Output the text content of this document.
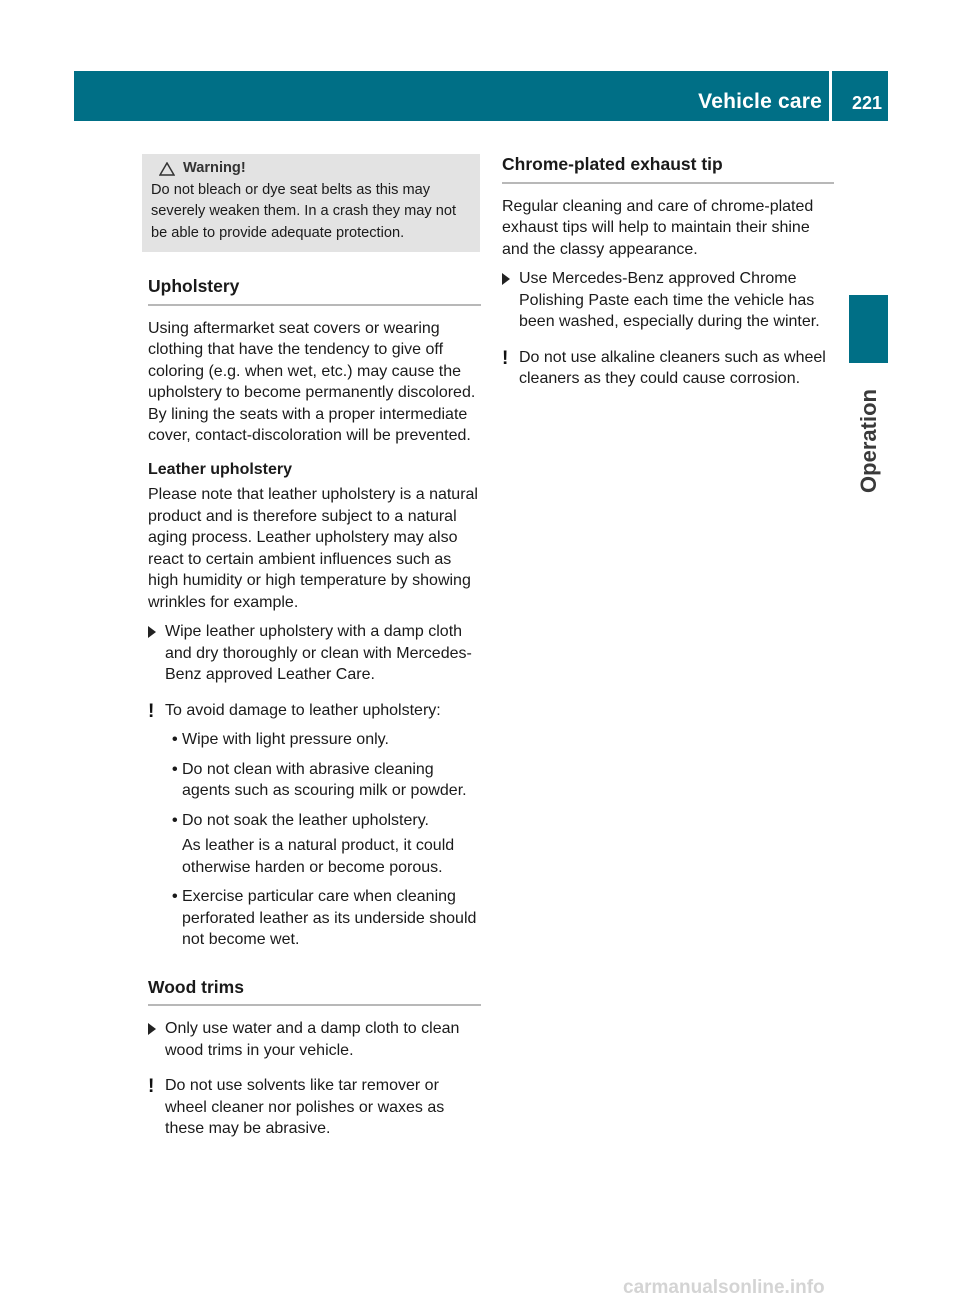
Vehicle care 221
Operation
Warning!

Do not bleach or dye seat belts as this may severely weaken them. In a crash they may not be able to provide adequate protection.

Upholstery

Using aftermarket seat covers or wearing clothing that have the tendency to give off coloring (e.g. when wet, etc.) may cause the upholstery to become permanently discolored. By lining the seats with a proper intermediate cover, contact-discoloration will be prevented.

Leather upholstery

Please note that leather upholstery is a natural product and is therefore subject to a natural aging process. Leather upholstery may also react to certain ambient influences such as high humidity or high temperature by showing wrinkles for example.

Wipe leather upholstery with a damp cloth and dry thoroughly or clean with Mercedes-Benz approved Leather Care.
! To avoid damage to leather upholstery:
• Wipe with light pressure only.
• Do not clean with abrasive cleaning agents such as scouring milk or powder.
• Do not soak the leather upholstery.

As leather is a natural product, it could otherwise harden or become porous.

• Exercise particular care when cleaning perforated leather as its underside should not become wet.
Wood trims
Only use water and a damp cloth to clean wood trims in your vehicle.
! Do not use solvents like tar remover or wheel cleaner nor polishes or waxes as these may be abrasive.
Chrome-plated exhaust tip

Regular cleaning and care of chrome-plated exhaust tips will help to maintain their shine and the classy appearance.

Use Mercedes-Benz approved Chrome Polishing Paste each time the vehicle has been washed, especially during the winter.
! Do not use alkaline cleaners such as wheel cleaners as they could cause corrosion.
carmanualsonline.info
